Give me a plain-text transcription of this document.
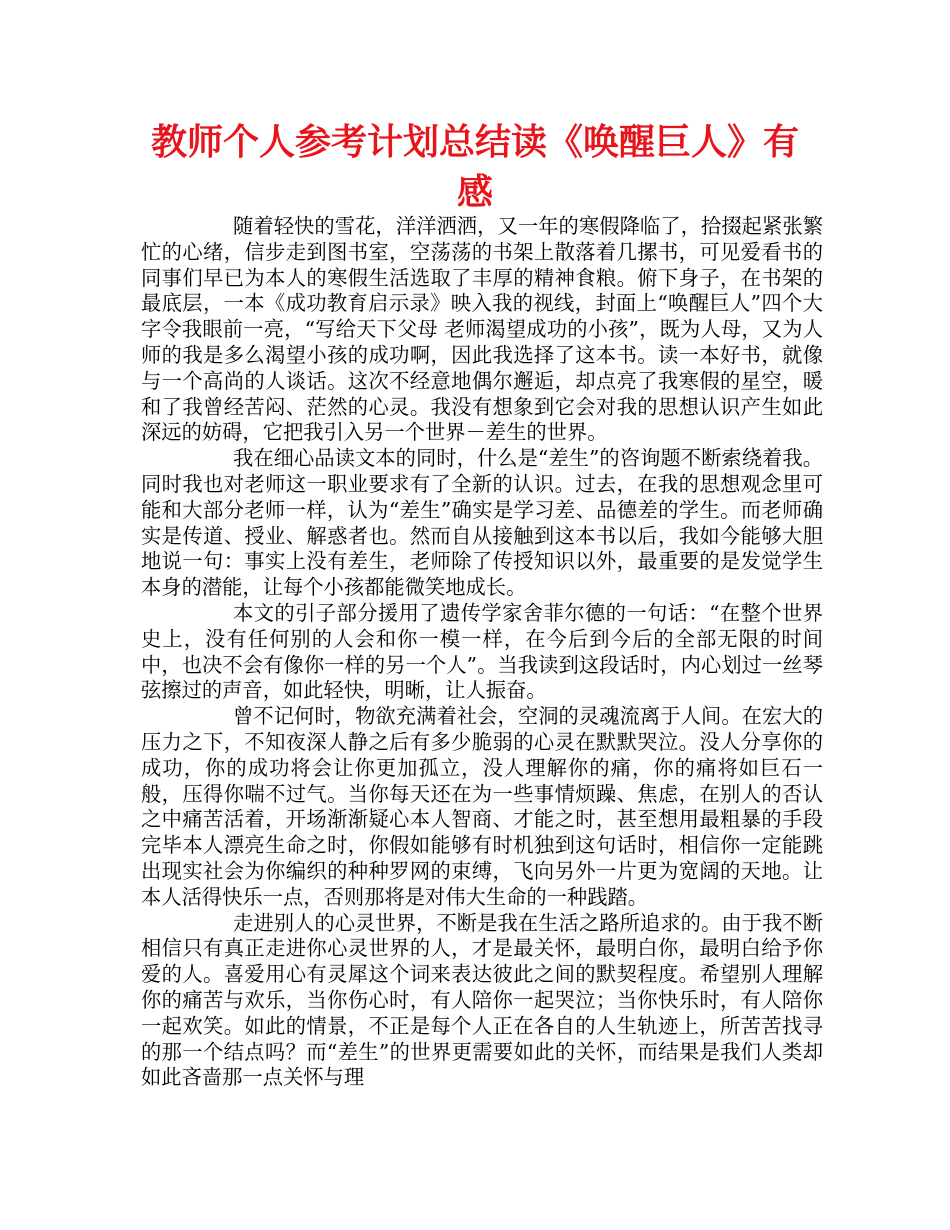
教师个人参考计划总结读《唤醒巨人》有感

随着轻快的雪花，洋洋洒洒，又一年的寒假降临了，拾掇起紧张繁忙的心绪，信步走到图书室，空荡荡的书架上散落着几摞书，可见爱看书的同事们早已为本人的寒假生活选取了丰厚的精神食粮。俯下身子，在书架的最底层，一本《成功教育启示录》映入我的视线，封面上“唤醒巨人”四个大字令我眼前一亮，“写给天下父母 老师渴望成功的小孩”，既为人母，又为人师的我是多么渴望小孩的成功啊，因此我选择了这本书。读一本好书，就像与一个高尚的人谈话。这次不经意地偶尔邂逅，却点亮了我寒假的星空，暖和了我曾经苦闷、茫然的心灵。我没有想象到它会对我的思想认识产生如此深远的妨碍，它把我引入另一个世界－差生的世界。

我在细心品读文本的同时，什么是“差生”的咨询题不断索绕着我。同时我也对老师这一职业要求有了全新的认识。过去，在我的思想观念里可能和大部分老师一样，认为“差生”确实是学习差、品德差的学生。而老师确实是传道、授业、解惑者也。然而自从接触到这本书以后，我如今能够大胆地说一句：事实上没有差生，老师除了传授知识以外，最重要的是发觉学生本身的潜能，让每个小孩都能微笑地成长。

本文的引子部分援用了遗传学家舍菲尔德的一句话：“在整个世界史上，没有任何别的人会和你一模一样，在今后到今后的全部无限的时间中，也决不会有像你一样的另一个人”。当我读到这段话时，内心划过一丝琴弦擦过的声音，如此轻快，明晰，让人振奋。

曾不记何时，物欲充满着社会，空洞的灵魂流离于人间。在宏大的压力之下，不知夜深人静之后有多少脆弱的心灵在默默哭泣。没人分享你的成功，你的成功将会让你更加孤立，没人理解你的痛，你的痛将如巨石一般，压得你喘不过气。当你每天还在为一些事情烦躁、焦虑，在别人的否认之中痛苦活着，开场渐渐疑心本人智商、才能之时，甚至想用最粗暴的手段完毕本人漂亮生命之时，你假如能够有时机独到这句话时，相信你一定能跳出现实社会为你编织的种种罗网的束缚，飞向另外一片更为宽阔的天地。让本人活得快乐一点，否则那将是对伟大生命的一种践踏。

走进别人的心灵世界，不断是我在生活之路所追求的。由于我不断相信只有真正走进你心灵世界的人，才是最关怀，最明白你，最明白给予你爱的人。喜爱用心有灵犀这个词来表达彼此之间的默契程度。希望别人理解你的痛苦与欢乐，当你伤心时，有人陪你一起哭泣；当你快乐时，有人陪你一起欢笑。如此的情景，不正是每个人正在各自的人生轨迹上，所苦苦找寻的那一个结点吗？而“差生”的世界更需要如此的关怀，而结果是我们人类却如此吝啬那一点关怀与理
